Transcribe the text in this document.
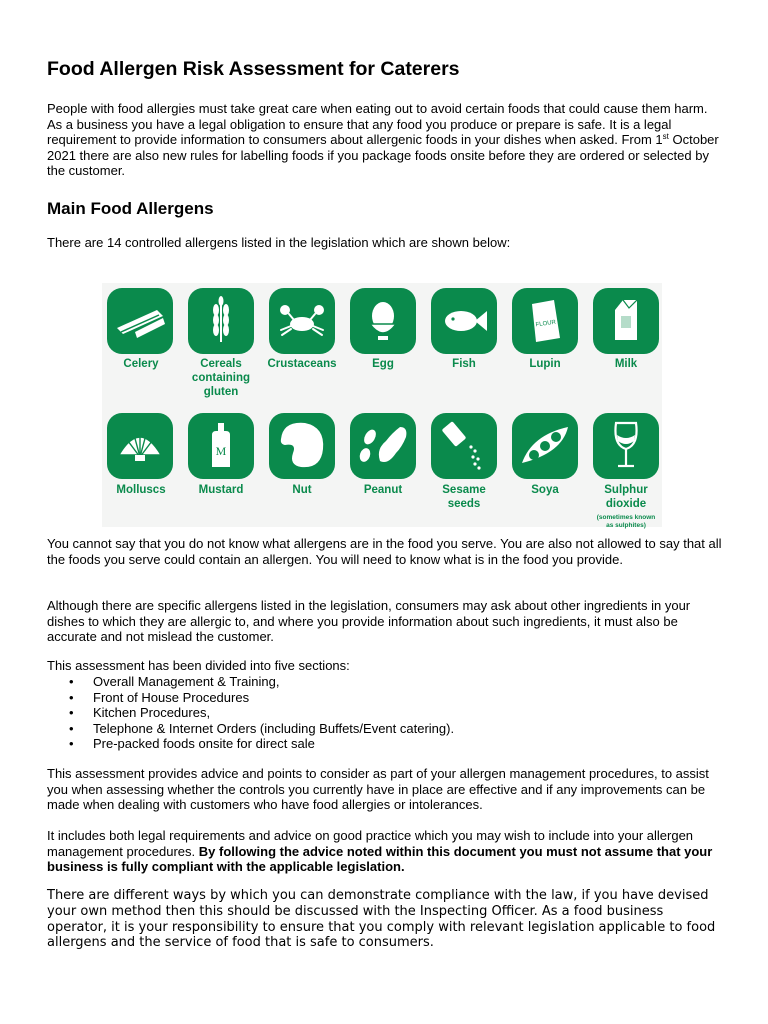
Food Allergen Risk Assessment for Caterers

People with food allergies must take great care when eating out to avoid certain foods that could cause them harm. As a business you have a legal obligation to ensure that any food you produce or prepare is safe. It is a legal requirement to provide information to consumers about allergenic foods in your dishes when asked. From 1st October 2021 there are also new rules for labelling foods if you package foods onsite before they are ordered or selected by the customer.

Main Food Allergens

There are 14 controlled allergens listed in the legislation which are shown below:

You cannot say that you do not know what allergens are in the food you serve. You are also not allowed to say that all the foods you serve could contain an allergen. You will need to know what is in the food you provide.

Although there are specific allergens listed in the legislation, consumers may ask about other ingredients in your dishes to which they are allergic to, and where you provide information about such ingredients, it must also be accurate and not mislead the customer.

This assessment has been divided into five sections:

• Overall Management & Training,
• Front of House Procedures
• Kitchen Procedures,
• Telephone & Internet Orders (including Buffets/Event catering).
• Pre-packed foods onsite for direct sale

This assessment provides advice and points to consider as part of your allergen management procedures, to assist you when assessing whether the controls you currently have in place are effective and if any improvements can be made when dealing with customers who have food allergies or intolerances.

It includes both legal requirements and advice on good practice which you may wish to include into your allergen management procedures. By following the advice noted within this document you must not assume that your business is fully compliant with the applicable legislation.

There are different ways by which you can demonstrate compliance with the law, if you have devised your own method then this should be discussed with the Inspecting Officer. As a food business operator, it is your responsibility to ensure that you comply with relevant legislation applicable to food allergens and the service of food that is safe to consumers.

FLOUR
M
Celery	Cereals containing gluten
Crustaceans	Egg	Fish	Lupin	Milk
Molluscs	Mustard	Nut	Peanut	Sesame seeds
Soya	Sulphur dioxide
(sometimes known as sulphites)
